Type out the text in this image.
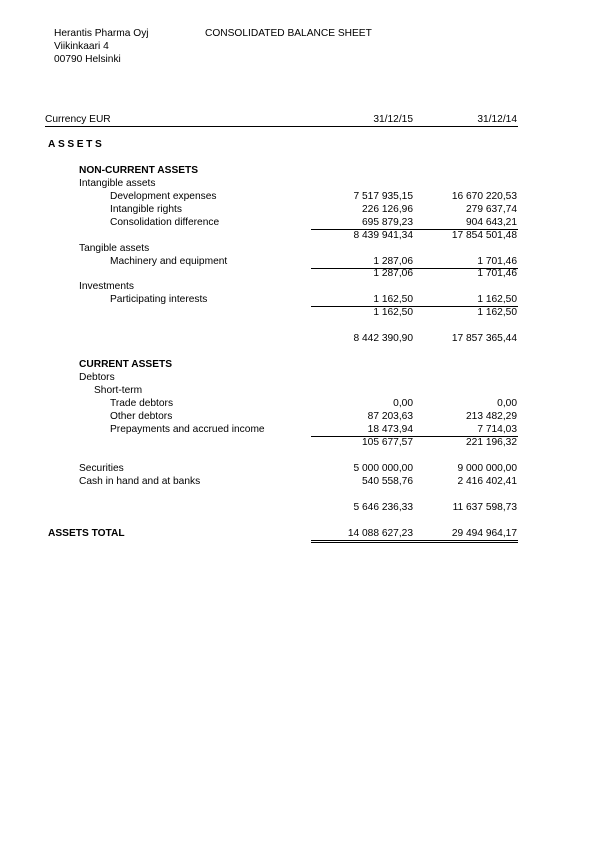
Herantis Pharma Oyj
Viikinkaari 4
00790 Helsinki
CONSOLIDATED BALANCE SHEET
Currency EUR	31/12/15	31/12/14
ASSETS
NON-CURRENT ASSETS
Intangible assets
Development expenses	7 517 935,15	16 670 220,53
Intangible rights	226 126,96	279 637,74
Consolidation difference	695 879,23	904 643,21
8 439 941,34	17 854 501,48
Tangible assets
Machinery and equipment	1 287,06	1 701,46
1 287,06	1 701,46
Investments
Participating interests	1 162,50	1 162,50
1 162,50	1 162,50
8 442 390,90	17 857 365,44
CURRENT ASSETS
Debtors
Short-term
Trade debtors	0,00	0,00
Other debtors	87 203,63	213 482,29
Prepayments and accrued income	18 473,94	7 714,03
105 677,57	221 196,32
Securities	5 000 000,00	9 000 000,00
Cash in hand and at banks	540 558,76	2 416 402,41
5 646 236,33	11 637 598,73
ASSETS TOTAL	14 088 627,23	29 494 964,17
